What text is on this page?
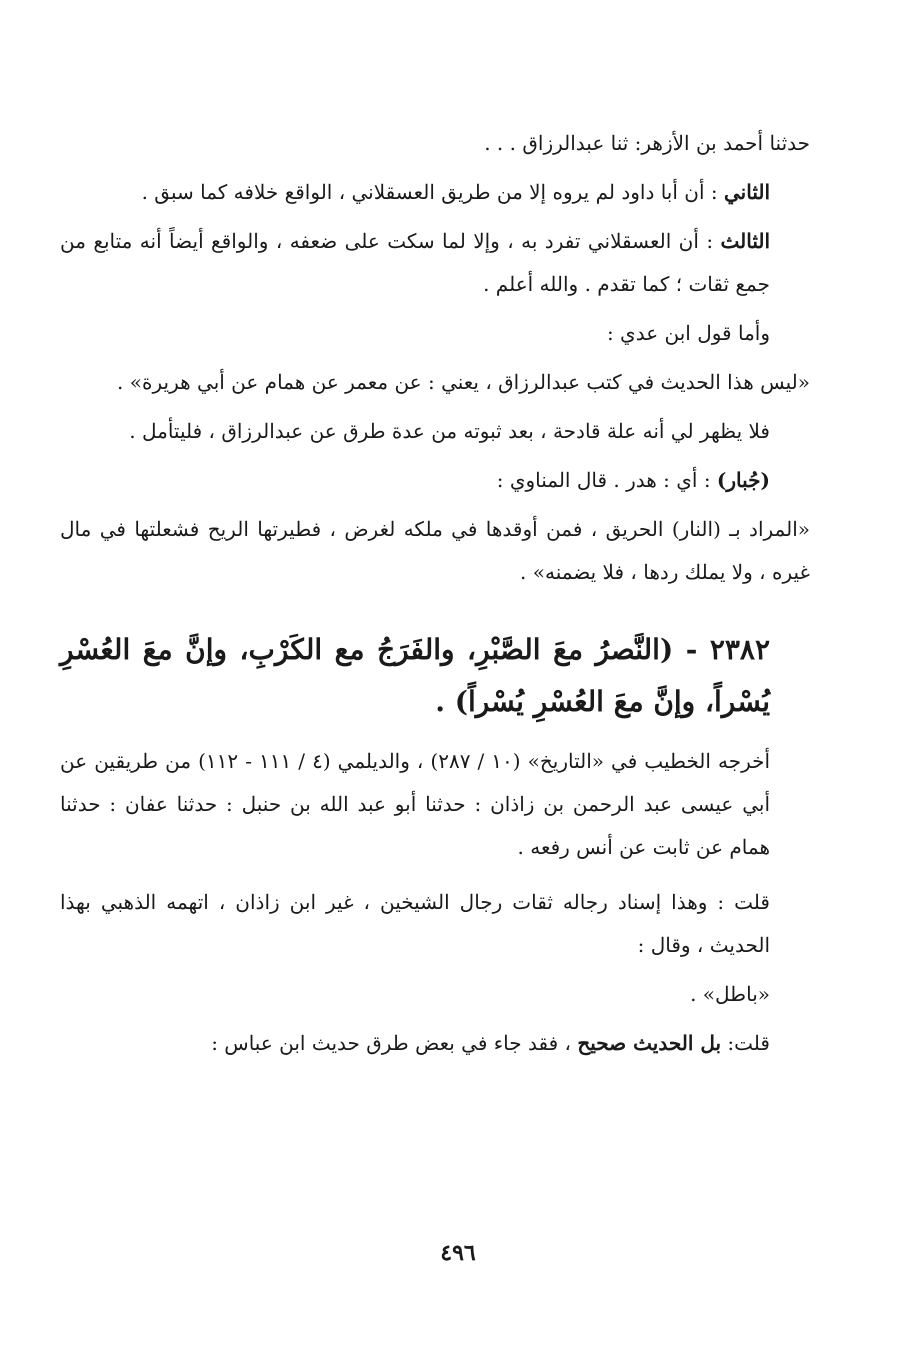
حدثنا أحمد بن الأزهر: ثنا عبدالرزاق . . .

الثاني : أن أبا داود لم يروه إلا من طريق العسقلاني ، الواقع خلافه كما سبق .

الثالث : أن العسقلاني تفرد به ، وإلا لما سكت على ضعفه ، والواقع أيضاً أنه متابع من جمع ثقات ؛ كما تقدم . والله أعلم .

وأما قول ابن عدي :

«ليس هذا الحديث في كتب عبدالرزاق ، يعني : عن معمر عن همام عن أبي هريرة» .

فلا يظهر لي أنه علة قادحة ، بعد ثبوته من عدة طرق عن عبدالرزاق ، فليتأمل .

(جُبار) : أي : هدر . قال المناوي :

«المراد بـ (النار) الحريق ، فمن أوقدها في ملكه لغرض ، فطيرتها الريح فشعلتها في مال غيره ، ولا يملك ردها ، فلا يضمنه» .

٢٣٨٢ - (النَّصرُ معَ الصَّبْرِ، والفَرَجُ مع الكَرْبِ، وإنَّ معَ العُسْرِ يُسْراً، وإنَّ معَ العُسْرِ يُسْراً) .

أخرجه الخطيب في «التاريخ» (١٠ / ٢٨٧) ، والديلمي (٤ / ١١١ - ١١٢) من طريقين عن أبي عيسى عبد الرحمن بن زاذان : حدثنا أبو عبد الله بن حنبل : حدثنا عفان : حدثنا همام عن ثابت عن أنس رفعه .

قلت : وهذا إسناد رجاله ثقات رجال الشيخين ، غير ابن زاذان ، اتهمه الذهبي بهذا الحديث ، وقال :

«باطل» .

قلت: بل الحديث صحيح ، فقد جاء في بعض طرق حديث ابن عباس :

٤٩٦
